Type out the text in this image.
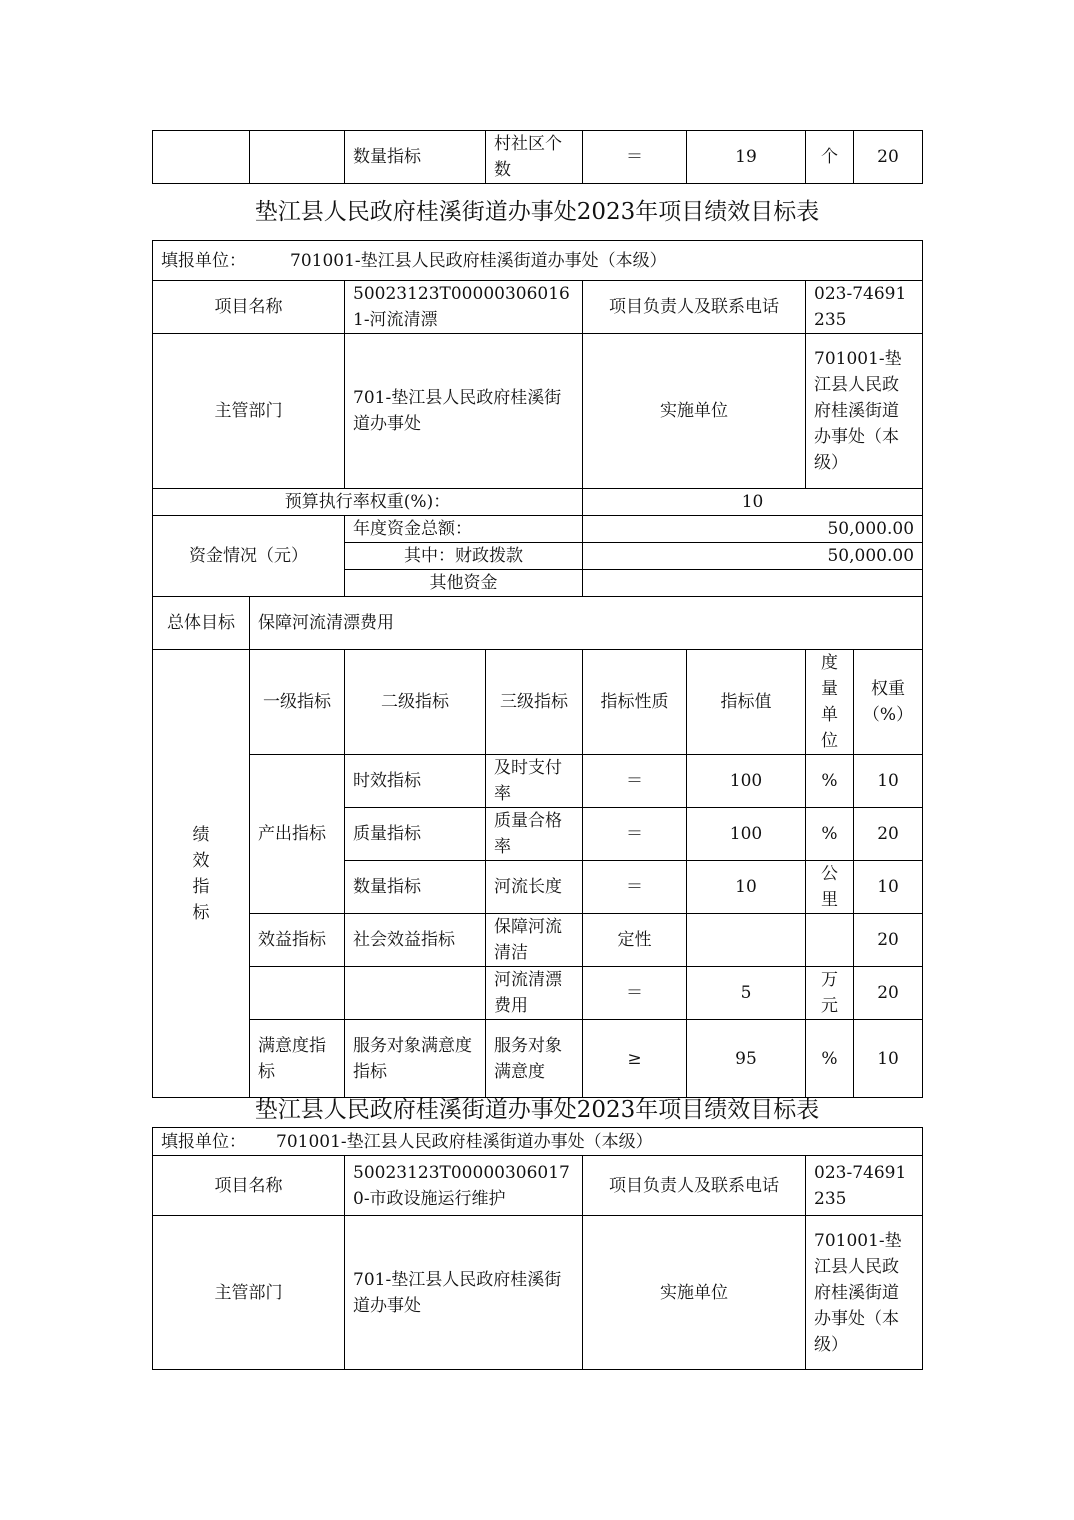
		数量指标	村社区个数	＝	19	个	20
垫江县人民政府桂溪街道办事处2023年项目绩效目标表
填报单位： 701001-垫江县人民政府桂溪街道办事处（本级）							
项目名称		50023123T000003060161-河流清漂		项目负责人及联系电话		023-74691235	
主管部门		701-垫江县人民政府桂溪街道办事处		实施单位		701001-垫江县人民政府桂溪街道办事处（本级）	
预算执行率权重(%)：				10			
资金情况（元）		年度资金总额：		50,000.00			
		其中：财政拨款		50,000.00			
		其他资金					
总体目标	保障河流清漂费用						

绩效指标	一级指标	二级指标	三级指标	指标性质	指标值	度量单位	权重（%）
	产出指标	时效指标	及时支付率	＝	100	%	10
		质量指标	质量合格率	＝	100	%	20
		数量指标	河流长度	＝	10	公里	10
	效益指标	社会效益指标	保障河流清洁	定性			20
			河流清漂费用	＝	5	万元	20
	满意度指标	服务对象满意度指标	服务对象满意度	≥	95	%	10
垫江县人民政府桂溪街道办事处2023年项目绩效目标表
填报单位： 701001-垫江县人民政府桂溪街道办事处（本级）			
项目名称	50023123T000003060170-市政设施运行维护	项目负责人及联系电话	023-74691235
主管部门	701-垫江县人民政府桂溪街道办事处	实施单位	701001-垫江县人民政府桂溪街道办事处（本级）
